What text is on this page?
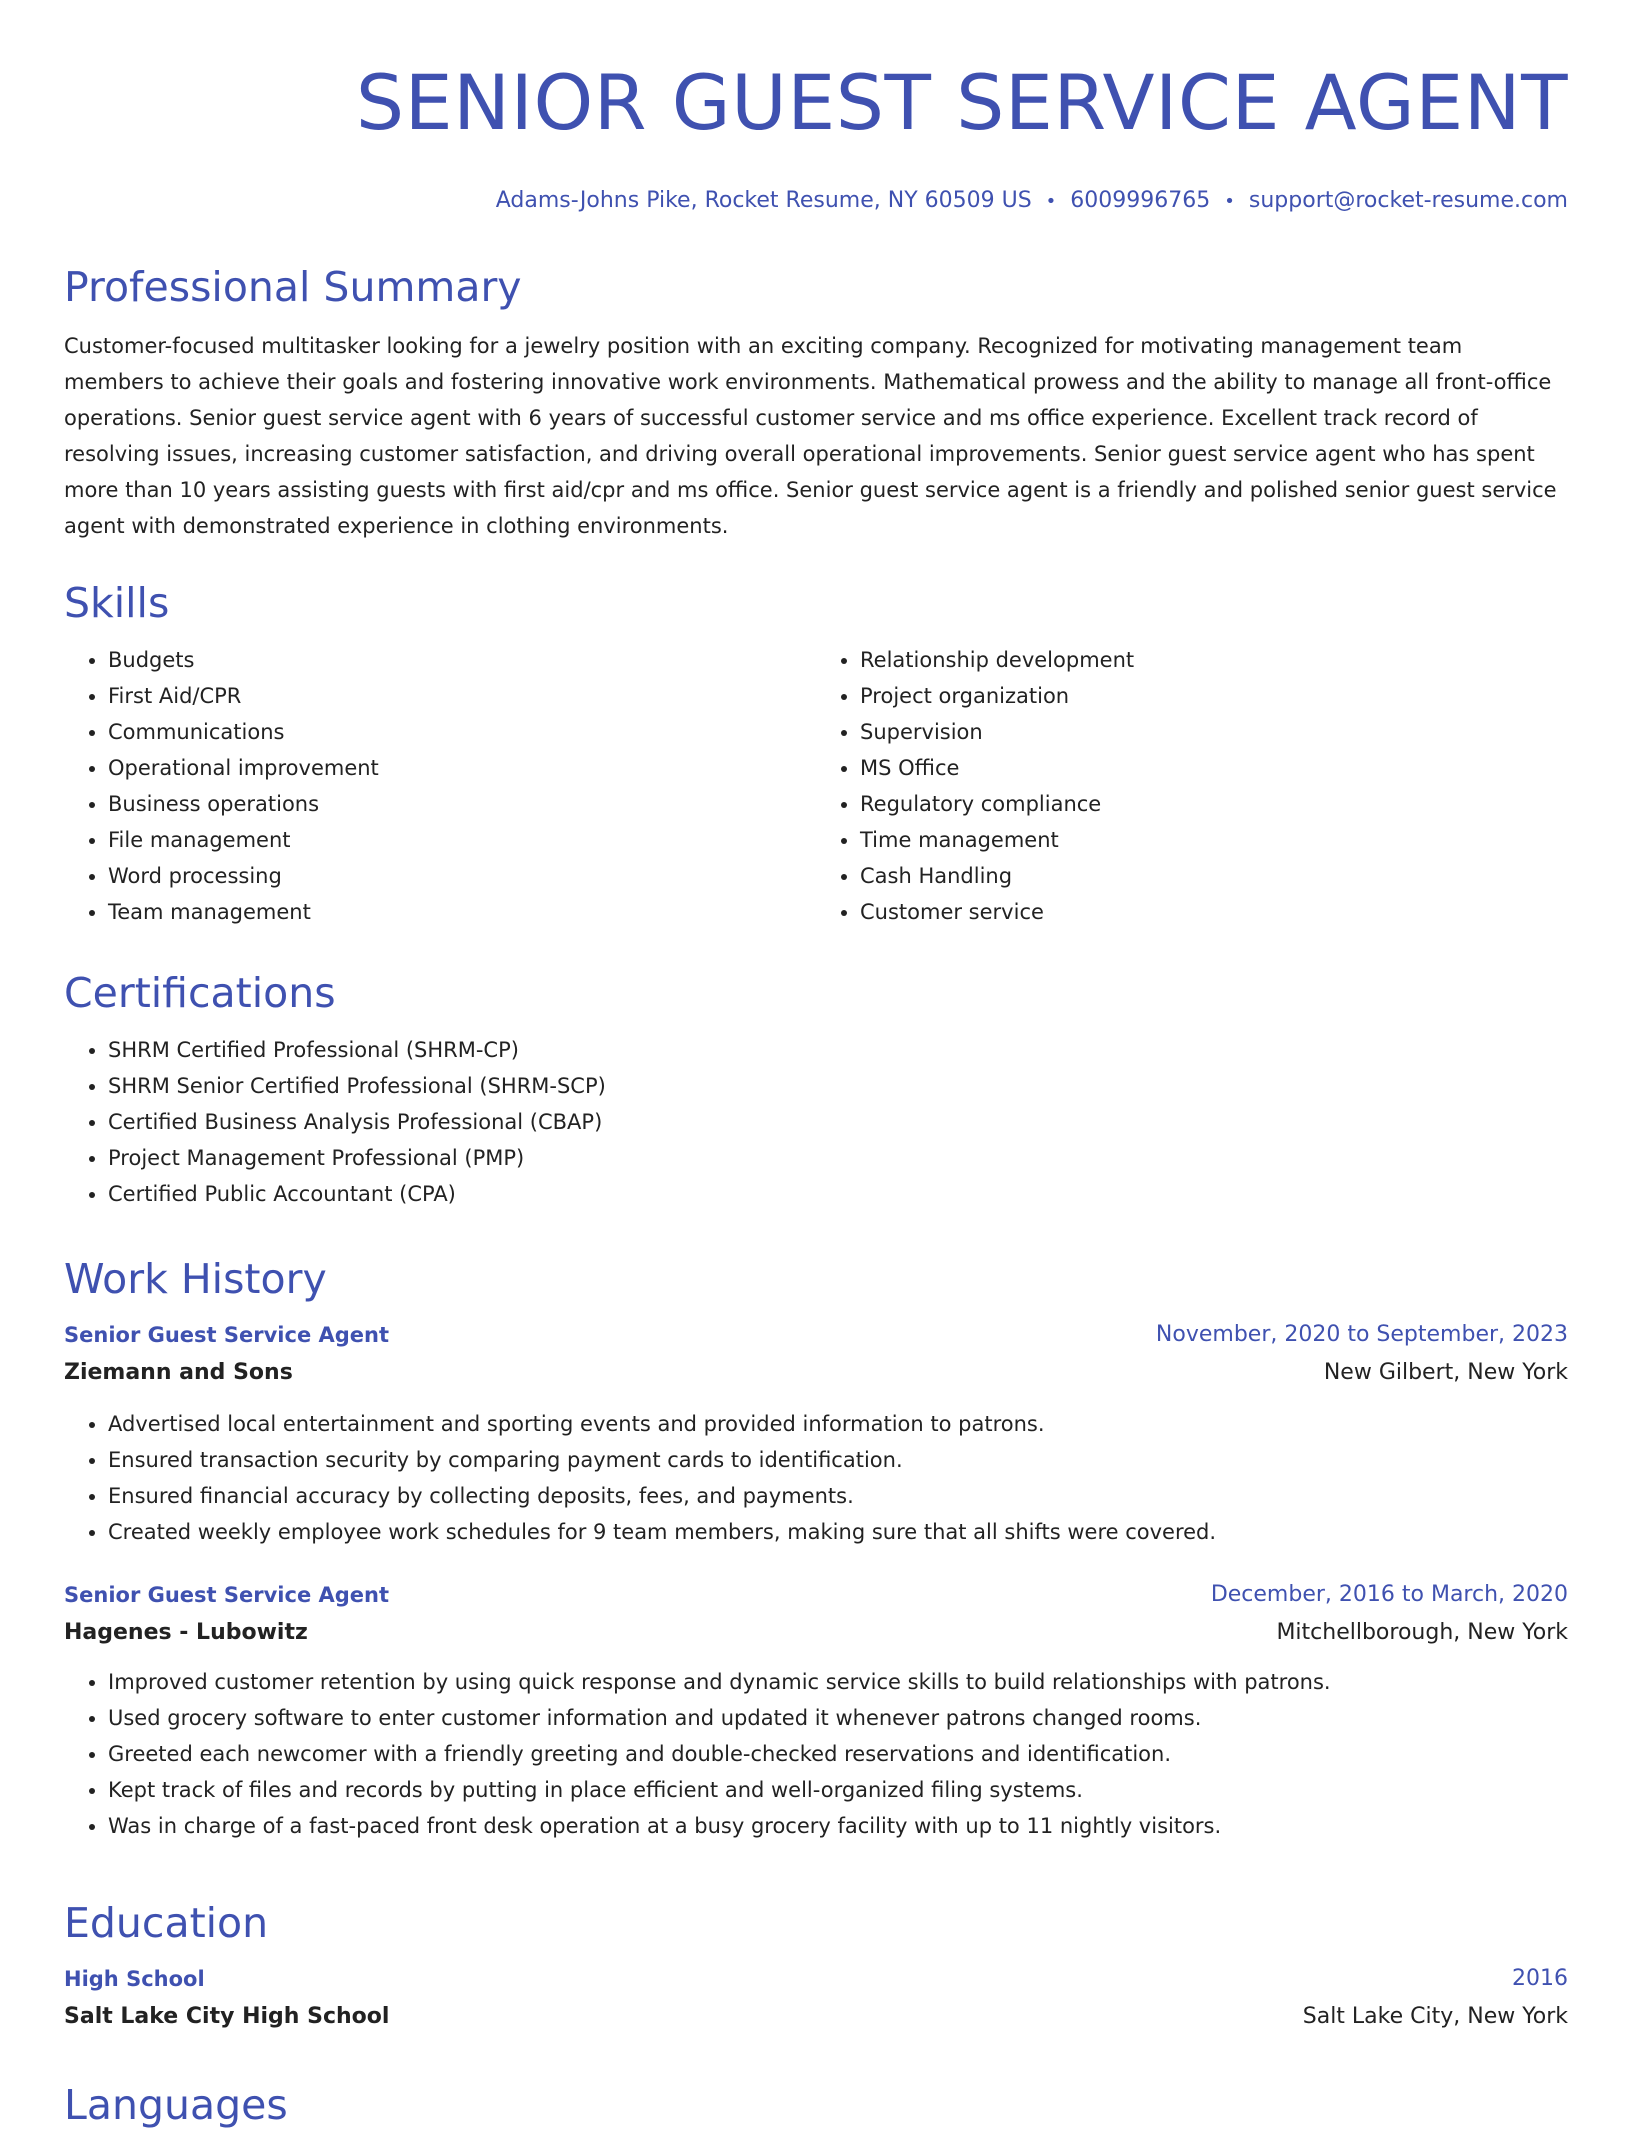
SENIOR GUEST SERVICE AGENT
Adams-Johns Pike, Rocket Resume, NY 60509 US • 6009996765 • support@rocket-resume.com
Professional Summary

Customer-focused multitasker looking for a jewelry position with an exciting company. Recognized for motivating management team members to achieve their goals and fostering innovative work environments. Mathematical prowess and the ability to manage all front-office operations. Senior guest service agent with 6 years of successful customer service and ms office experience. Excellent track record of resolving issues, increasing customer satisfaction, and driving overall operational improvements. Senior guest service agent who has spent more than 10 years assisting guests with first aid/cpr and ms office. Senior guest service agent is a friendly and polished senior guest service agent with demonstrated experience in clothing environments.

Skills
• Budgets
• First Aid/CPR
• Communications
• Operational improvement
• Business operations
• File management
• Word processing
• Team management
• Relationship development
• Project organization
• Supervision
• MS Office
• Regulatory compliance
• Time management
• Cash Handling
• Customer service
Certifications
• SHRM Certified Professional (SHRM-CP)
• SHRM Senior Certified Professional (SHRM-SCP)
• Certified Business Analysis Professional (CBAP)
• Project Management Professional (PMP)
• Certified Public Accountant (CPA)
Work History
Senior Guest Service Agent	November, 2020 to September, 2023
Ziemann and Sons	New Gilbert, New York
• Advertised local entertainment and sporting events and provided information to patrons.
• Ensured transaction security by comparing payment cards to identification.
• Ensured financial accuracy by collecting deposits, fees, and payments.
• Created weekly employee work schedules for 9 team members, making sure that all shifts were covered.
Senior Guest Service Agent	December, 2016 to March, 2020
Hagenes - Lubowitz	Mitchellborough, New York
• Improved customer retention by using quick response and dynamic service skills to build relationships with patrons.
• Used grocery software to enter customer information and updated it whenever patrons changed rooms.
• Greeted each newcomer with a friendly greeting and double-checked reservations and identification.
• Kept track of files and records by putting in place efficient and well-organized filing systems.
• Was in charge of a fast-paced front desk operation at a busy grocery facility with up to 11 nightly visitors.
Education
High School	2016
Salt Lake City High School	Salt Lake City, New York
Languages
